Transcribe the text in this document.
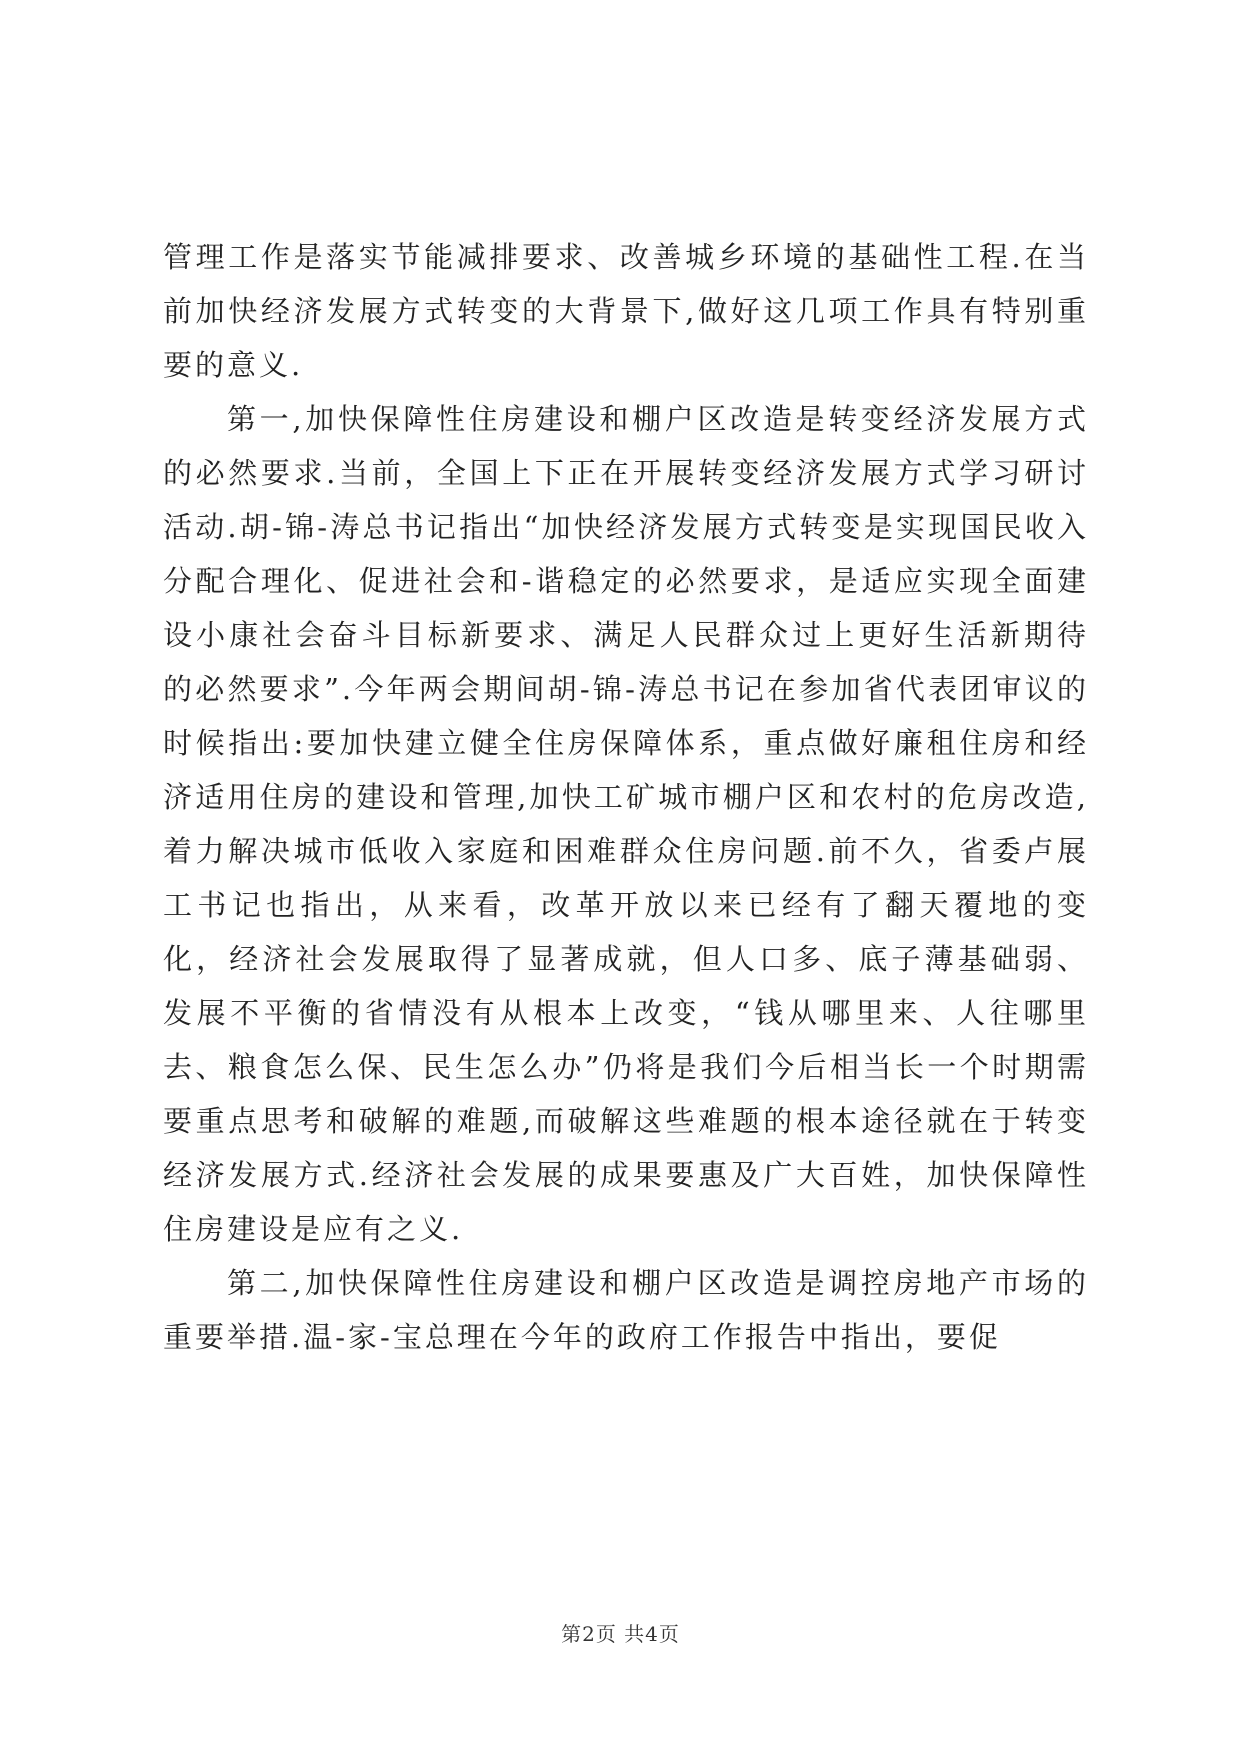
管理工作是落实节能减排要求、改善城乡环境的基础性工程.在当前加快经济发展方式转变的大背景下,做好这几项工作具有特别重要的意义.

第一,加快保障性住房建设和棚户区改造是转变经济发展方式的必然要求.当前，全国上下正在开展转变经济发展方式学习研讨活动.胡-锦-涛总书记指出“加快经济发展方式转变是实现国民收入分配合理化、促进社会和-谐稳定的必然要求，是适应实现全面建设小康社会奋斗目标新要求、满足人民群众过上更好生活新期待的必然要求”.今年两会期间胡-锦-涛总书记在参加省代表团审议的时候指出:要加快建立健全住房保障体系，重点做好廉租住房和经济适用住房的建设和管理,加快工矿城市棚户区和农村的危房改造,着力解决城市低收入家庭和困难群众住房问题.前不久，省委卢展工书记也指出，从来看，改革开放以来已经有了翻天覆地的变化，经济社会发展取得了显著成就，但人口多、底子薄基础弱、发展不平衡的省情没有从根本上改变，“钱从哪里来、人往哪里去、粮食怎么保、民生怎么办”仍将是我们今后相当长一个时期需要重点思考和破解的难题,而破解这些难题的根本途径就在于转变经济发展方式.经济社会发展的成果要惠及广大百姓，加快保障性住房建设是应有之义.

第二,加快保障性住房建设和棚户区改造是调控房地产市场的重要举措.温-家-宝总理在今年的政府工作报告中指出，要促

第2页 共4页
